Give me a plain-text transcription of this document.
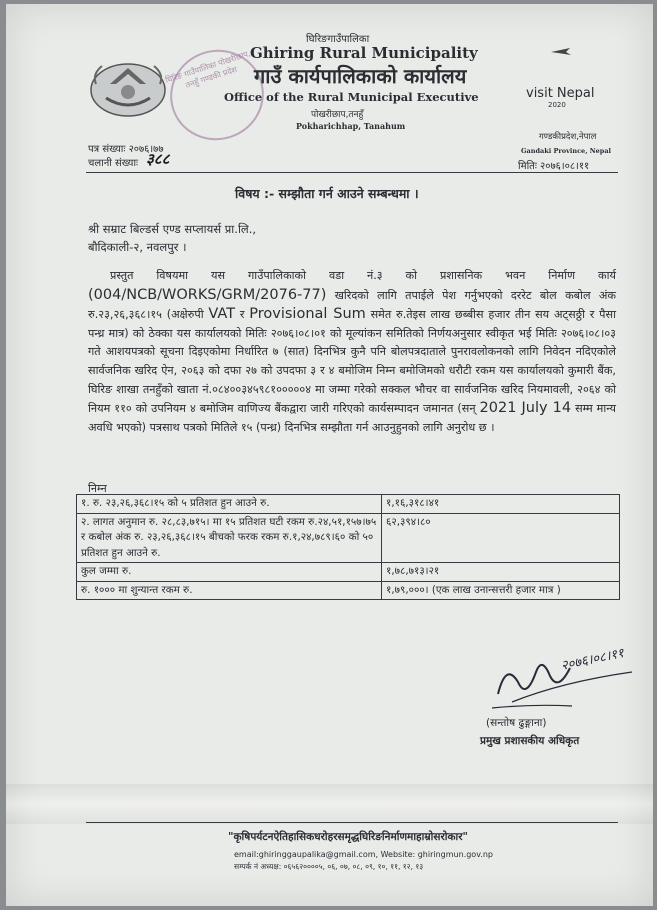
घिरिङ गाउँपालिका पोखरीछाप, तनहुँ गण्डकी प्रदेश
घिरिङगाउँपालिका
Ghiring Rural Municipality
गाउँ कार्यपालिकाको कार्यालय
Office of the Rural Municipal Executive
पोखरीछाप,तनहुँ
Pokharichhap, Tanahum
visit Nepal
2020
गण्डकीप्रदेश,नेपाल
Gandaki Province, Nepal
पत्र संख्याः २०७६।७७
चलानी संख्याः ३८८	मितिः २०७६।०८।११
विषय :- सम्झौता गर्न आउने सम्बन्धमा ।
श्री सम्राट बिल्डर्स एण्ड सप्लायर्स प्रा.लि.,
बौदिकाली-२, नवलपुर ।

प्रस्तुत विषयमा यस गाउँपालिकाको वडा नं.३ को प्रशासनिक भवन निर्माण कार्य (004/NCB/WORKS/GRM/2076-77) खरिदको लागि तपाईले पेश गर्नुभएको दररेट बोल कबोल अंक रु.२३,२६,३६८।१५ (अक्षेरुपी VAT र Provisional Sum समेत रु.तेइस लाख छब्बीस हजार तीन सय अट्सठ्ठी र पैसा पन्ध्र मात्र) को ठेक्का यस कार्यालयको मितिः २०७६।०८।०१ को मूल्यांकन समितिको निर्णयअनुसार स्वीकृत भई मितिः २०७६।०८।०३ गते आशयपत्रको सूचना दिइएकोमा निर्धारित ७ (सात) दिनभित्र कुनै पनि बोलपत्रदाताले पुनरावलोकनको लागि निवेदन नदिएकोले सार्वजनिक खरिद ऐन, २०६३ को दफा २७ को उपदफा ३ र ४ बमोजिम निम्न बमोजिमको धरौटी रकम यस कार्यालयको कुमारी बैंक, घिरिङ शाखा तनहुँको खाता नं.०८४००३४५९८१०००००४ मा जम्मा गरेको सक्कल भौचर वा सार्वजनिक खरिद नियमावली, २०६४ को नियम ११० को उपनियम ४ बमोजिम वाणिज्य बैंकद्वारा जारी गरिएको कार्यसम्पादन जमानत (सन् 2021 July 14 सम्म मान्य अवधि भएको) पत्रसाथ पत्रको मितिले १५ (पन्ध्र) दिनभित्र सम्झौता गर्न आउनुहुनको लागि अनुरोध छ ।

निम्न
१. रु. २३,२६,३६८।१५ को ५ प्रतिशत हुन आउने रु.	१,१६,३१८।४१
२. लागत अनुमान रु. २८,८३,७१५। मा १५ प्रतिशत घटी रकम रु.२४,५१,१५७।७५ र कबोल अंक रु. २३,२६,३६८।१५ बीचको फरक रकम रु.१,२४,७८९।६० को ५० प्रतिशत हुन आउने रु.	६२,३९४।८०
कुल जम्मा रु.	१,७८,७१३।२१
रु. १००० मा शुन्यान्त रकम रु.	१,७९,०००। (एक लाख उनान्सत्तरी हजार मात्र )
२०७६।०८।११
(सन्तोष ढुङ्गाना)
प्रमुख प्रशासकीय अधिकृत
"कृषिपर्यटनऐतिहासिकधरोहरसमृद्धघिरिङनिर्माणमाहाम्रोसरोकार"
email:ghiringgaupalika@gmail.com, Website: ghiringmun.gov.np
सम्पर्क नं अध्यक्ष: ०६५६२००००५, ०६, ०७, ०८, ०९, १०, ११, १२, १३
